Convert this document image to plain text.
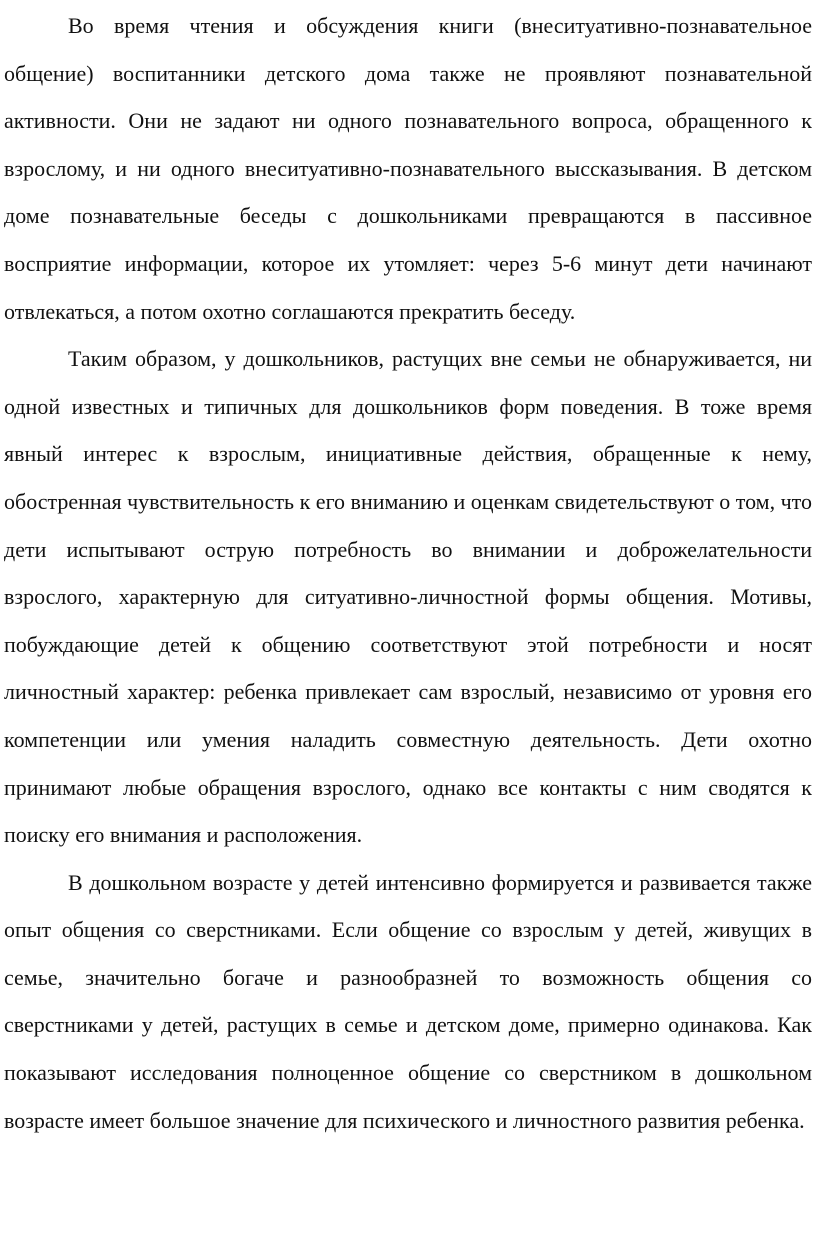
Во время чтения и обсуждения книги (внеситуативно-познавательное общение) воспитанники детского дома также не проявляют познавательной активности. Они не задают ни одного познавательного вопроса, обращенного к взрослому, и ни одного внеситуативно-познавательного выссказывания. В детском доме познавательные беседы с дошкольниками превращаются в пассивное восприятие информации, которое их утомляет: через 5-6 минут дети начинают отвлекаться, а потом охотно соглашаются прекратить беседу.

Таким образом, у дошкольников, растущих вне семьи не обнаруживается, ни одной известных и типичных для дошкольников форм поведения. В тоже время явный интерес к взрослым, инициативные действия, обращенные к нему, обостренная чувствительность к его вниманию и оценкам свидетельствуют о том, что дети испытывают острую потребность во внимании и доброжелательности взрослого, характерную для ситуативно-личностной формы общения. Мотивы, побуждающие детей к общению соответствуют этой потребности и носят личностный характер: ребенка привлекает сам взрослый, независимо от уровня его компетенции или умения наладить совместную деятельность. Дети охотно принимают любые обращения взрослого, однако все контакты с ним сводятся к поиску его внимания и расположения.

В дошкольном возрасте у детей интенсивно формируется и развивается также опыт общения со сверстниками. Если общение со взрослым у детей, живущих в семье, значительно богаче и разнообразней то возможность общения со сверстниками у детей, растущих в семье и детском доме, примерно одинакова. Как показывают исследования полноценное общение со сверстником в дошкольном возрасте имеет большое значение для психического и личностного развития ребенка.
